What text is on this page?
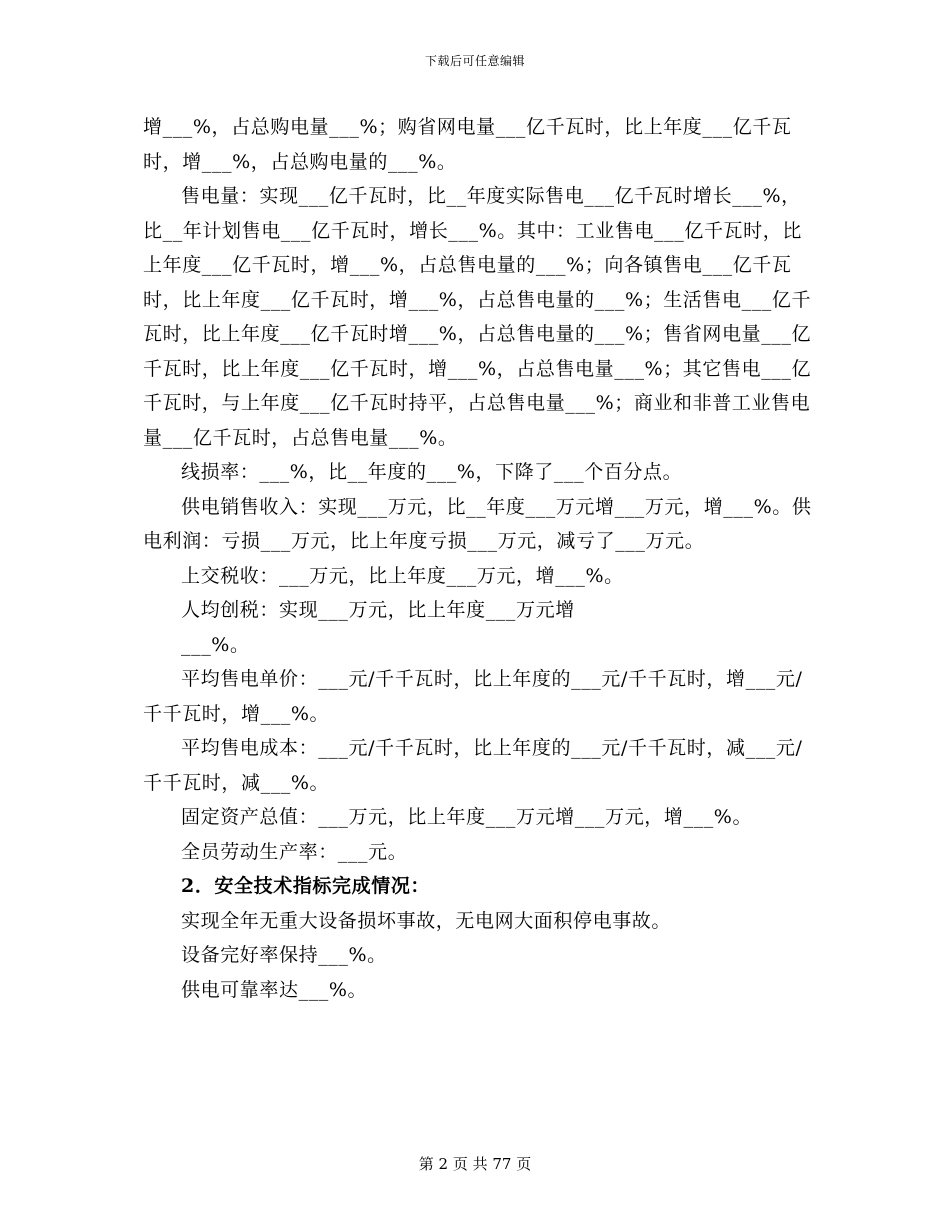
下载后可任意编辑

增___%，占总购电量___%；购省网电量___亿千瓦时，比上年度___亿千瓦时，增___%，占总购电量的___%。

售电量：实现___亿千瓦时，比__年度实际售电___亿千瓦时增长___%，比__年计划售电___亿千瓦时，增长___%。其中：工业售电___亿千瓦时，比上年度___亿千瓦时，增___%，占总售电量的___%；向各镇售电___亿千瓦时，比上年度___亿千瓦时，增___%，占总售电量的___%；生活售电___亿千瓦时，比上年度___亿千瓦时增___%，占总售电量的___%；售省网电量___亿千瓦时，比上年度___亿千瓦时，增___%，占总售电量___%；其它售电___亿千瓦时，与上年度___亿千瓦时持平，占总售电量___%；商业和非普工业售电量___亿千瓦时，占总售电量___%。

线损率：___%，比__年度的___%，下降了___个百分点。

供电销售收入：实现___万元，比__年度___万元增___万元，增___%。供电利润：亏损___万元，比上年度亏损___万元，减亏了___万元。

上交税收：___万元，比上年度___万元，增___%。

人均创税：实现___万元，比上年度___万元增

___%。

平均售电单价：___元/千千瓦时，比上年度的___元/千千瓦时，增___元/千千瓦时，增___%。

平均售电成本：___元/千千瓦时，比上年度的___元/千千瓦时，减___元/千千瓦时，减___%。

固定资产总值：___万元，比上年度___万元增___万元，增___%。

全员劳动生产率：___元。

2．安全技术指标完成情况：

实现全年无重大设备损坏事故，无电网大面积停电事故。

设备完好率保持___%。

供电可靠率达___%。

第 2 页 共 77 页
